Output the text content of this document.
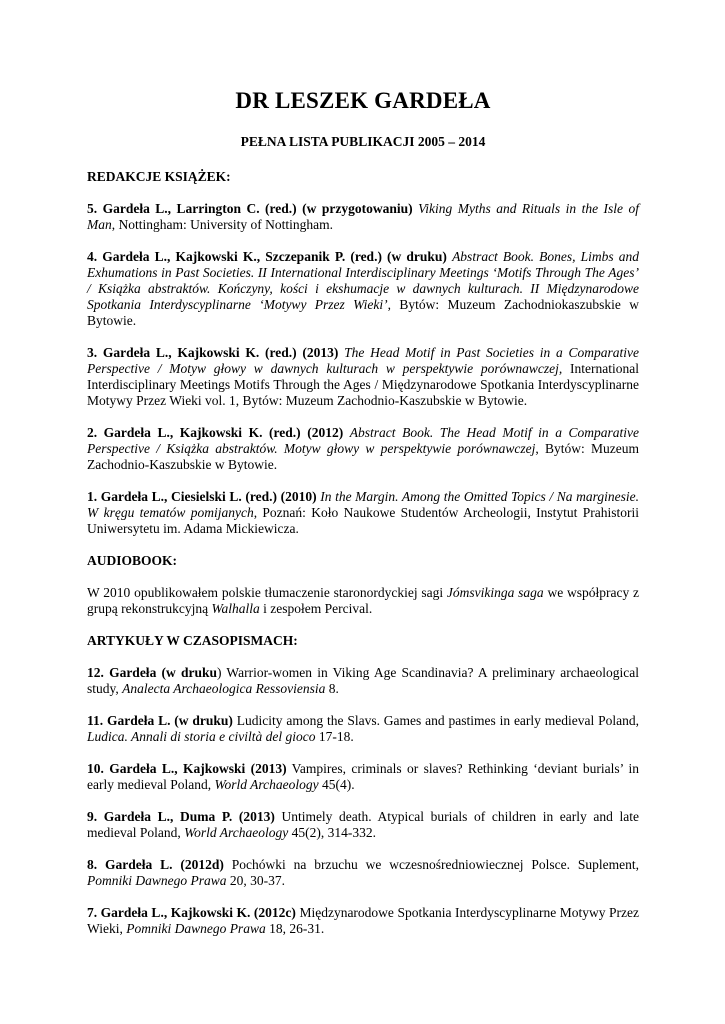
DR LESZEK GARDEŁA
PEŁNA LISTA PUBLIKACJI 2005 – 2014

REDAKCJE KSIĄŻEK:

5. Gardeła L., Larrington C. (red.) (w przygotowaniu) Viking Myths and Rituals in the Isle of Man, Nottingham: University of Nottingham.

4. Gardeła L., Kajkowski K., Szczepanik P. (red.) (w druku) Abstract Book. Bones, Limbs and Exhumations in Past Societies. II International Interdisciplinary Meetings ‘Motifs Through The Ages’ / Książka abstraktów. Kończyny, kości i ekshumacje w dawnych kulturach. II Międzynarodowe Spotkania Interdyscyplinarne ‘Motywy Przez Wieki’, Bytów: Muzeum Zachodniokaszubskie w Bytowie.

3. Gardeła L., Kajkowski K. (red.) (2013) The Head Motif in Past Societies in a Comparative Perspective / Motyw głowy w dawnych kulturach w perspektywie porównawczej, International Interdisciplinary Meetings Motifs Through the Ages / Międzynarodowe Spotkania Interdyscyplinarne Motywy Przez Wieki vol. 1, Bytów: Muzeum Zachodnio-Kaszubskie w Bytowie.

2. Gardeła L., Kajkowski K. (red.) (2012) Abstract Book. The Head Motif in a Comparative Perspective / Książka abstraktów. Motyw głowy w perspektywie porównawczej, Bytów: Muzeum Zachodnio-Kaszubskie w Bytowie.

1. Gardeła L., Ciesielski L. (red.) (2010) In the Margin. Among the Omitted Topics / Na marginesie. W kręgu tematów pomijanych, Poznań: Koło Naukowe Studentów Archeologii, Instytut Prahistorii Uniwersytetu im. Adama Mickiewicza.

AUDIOBOOK:

W 2010 opublikowałem polskie tłumaczenie staronordyckiej sagi Jómsvikinga saga we współpracy z grupą rekonstrukcyjną Walhalla i zespołem Percival.

ARTYKUŁY W CZASOPISMACH:

12. Gardeła (w druku) Warrior-women in Viking Age Scandinavia? A preliminary archaeological study, Analecta Archaeologica Ressoviensia 8.

11. Gardeła L. (w druku) Ludicity among the Slavs. Games and pastimes in early medieval Poland, Ludica. Annali di storia e civiltà del gioco 17-18.

10. Gardeła L., Kajkowski (2013) Vampires, criminals or slaves? Rethinking ‘deviant burials’ in early medieval Poland, World Archaeology 45(4).

9. Gardeła L., Duma P. (2013) Untimely death. Atypical burials of children in early and late medieval Poland, World Archaeology 45(2), 314-332.

8. Gardeła L. (2012d) Pochówki na brzuchu we wczesnośredniowiecznej Polsce. Suplement, Pomniki Dawnego Prawa 20, 30-37.

7. Gardeła L., Kajkowski K. (2012c) Międzynarodowe Spotkania Interdyscyplinarne Motywy Przez Wieki, Pomniki Dawnego Prawa 18, 26-31.
